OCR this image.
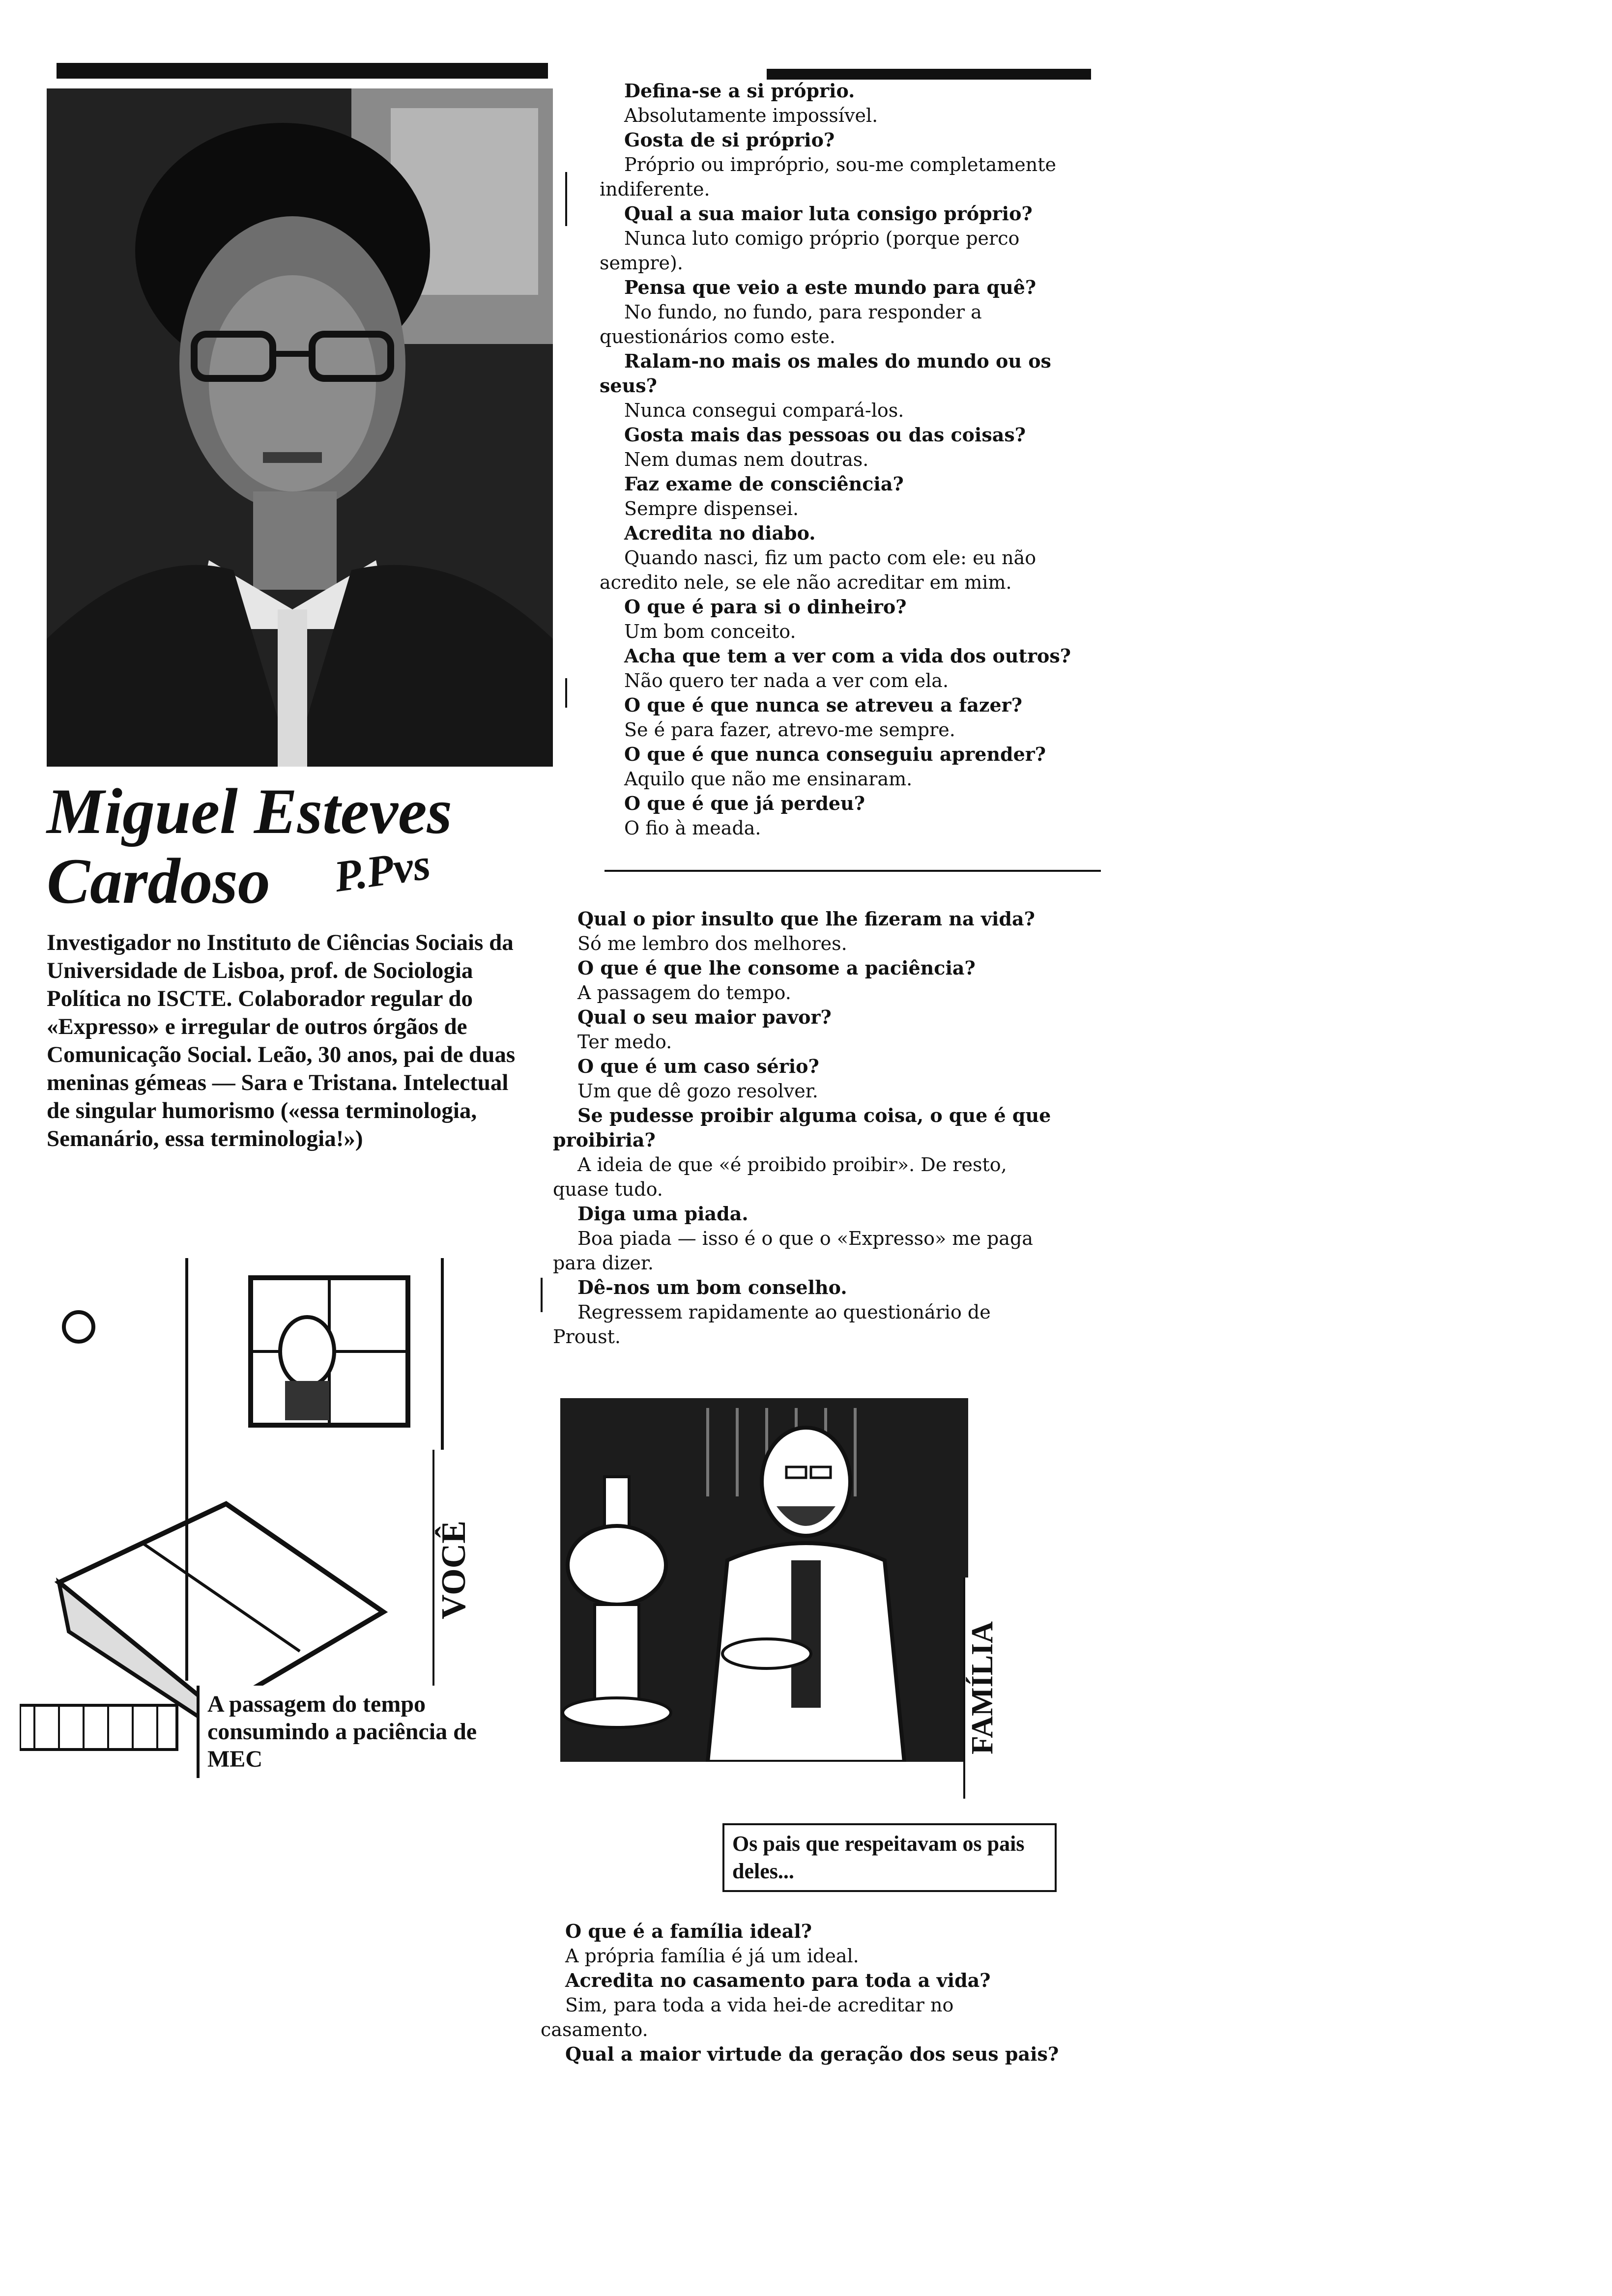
Miguel Esteves
Cardoso	P.Pvs
Investigador no Instituto de Ciências Sociais da Universidade de Lisboa, prof. de Sociologia Política no ISCTE. Colaborador regular do «Expresso» e irregular de outros órgãos de Comunicação Social. Leão, 30 anos, pai de duas meninas gémeas — Sara e Tristana. Intelectual de singular humorismo («essa terminologia, Semanário, essa terminologia!»)
Defina-se a si próprio.
Absolutamente impossível.
Gosta de si próprio?
Próprio ou impróprio, sou-me completamente indiferente.
Qual a sua maior luta consigo próprio?
Nunca luto comigo próprio (porque perco sempre).
Pensa que veio a este mundo para quê?
No fundo, no fundo, para responder a questionários como este.
Ralam-no mais os males do mundo ou os seus?
Nunca consegui compará-los.
Gosta mais das pessoas ou das coisas?
Nem dumas nem doutras.
Faz exame de consciência?
Sempre dispensei.
Acredita no diabo.
Quando nasci, fiz um pacto com ele: eu não acredito nele, se ele não acreditar em mim.
O que é para si o dinheiro?
Um bom conceito.
Acha que tem a ver com a vida dos outros?
Não quero ter nada a ver com ela.
O que é que nunca se atreveu a fazer?
Se é para fazer, atrevo-me sempre.
O que é que nunca conseguiu aprender?
Aquilo que não me ensinaram.
O que é que já perdeu?
O fio à meada.
Qual o pior insulto que lhe fizeram na vida?
Só me lembro dos melhores.
O que é que lhe consome a paciência?
A passagem do tempo.
Qual o seu maior pavor?
Ter medo.
O que é um caso sério?
Um que dê gozo resolver.
Se pudesse proibir alguma coisa, o que é que proibiria?
A ideia de que «é proibido proibir». De resto, quase tudo.
Diga uma piada.
Boa piada — isso é o que o «Expresso» me paga para dizer.
Dê-nos um bom conselho.
Regressem rapidamente ao questionário de Proust.
VOCÊ
A passagem do tempo consumindo a paciência de MEC
FAMÍLIA
Os pais que respeitavam os pais deles...
O que é a família ideal?
A própria família é já um ideal.
Acredita no casamento para toda a vida?
Sim, para toda a vida hei-de acreditar no casamento.
Qual a maior virtude da geração dos seus pais?
